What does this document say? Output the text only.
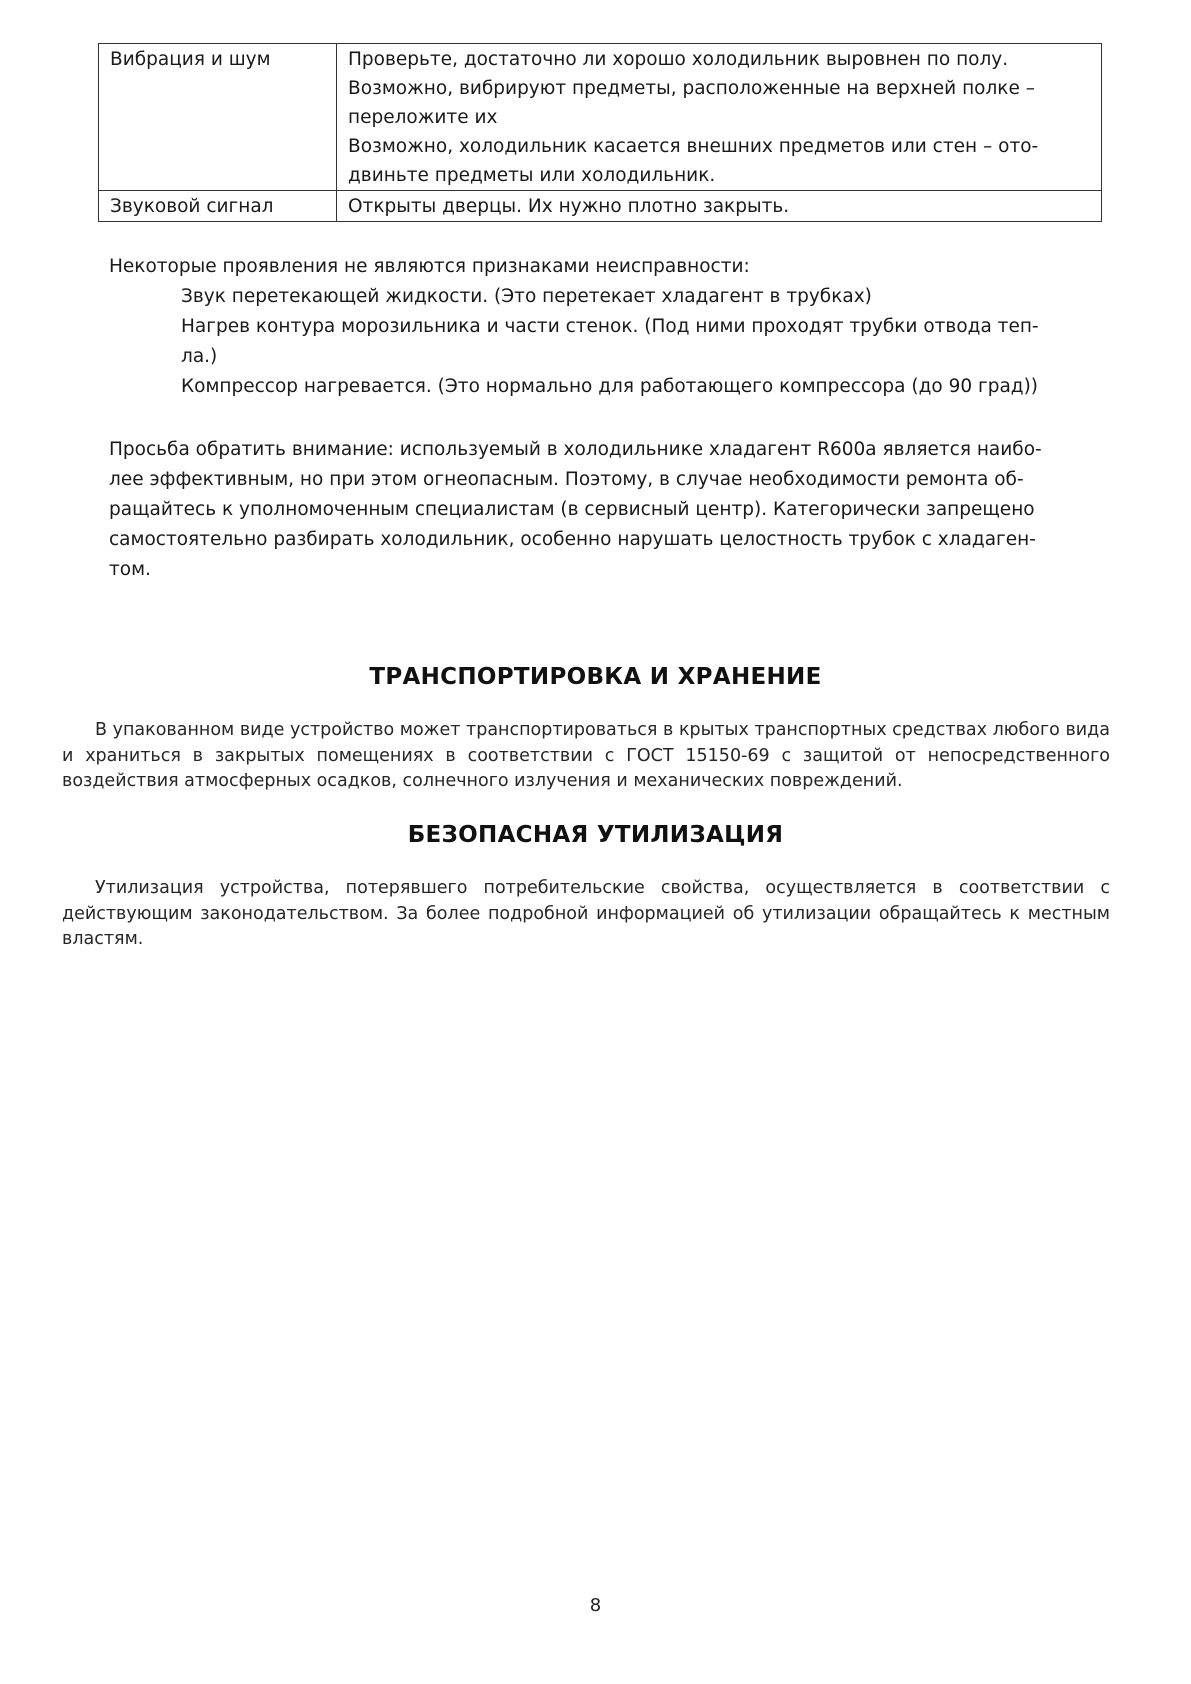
Вибрация и шум	Проверьте, достаточно ли хорошо холодильник выровнен по полу.
Возможно, вибрируют предметы, расположенные на верхней полке –
переложите их
Возможно, холодильник касается внешних предметов или стен – ото-
двиньте предметы или холодильник.

Звуковой сигнал	Открыты дверцы. Их нужно плотно закрыть.
Некоторые проявления не являются признаками неисправности:
Звук перетекающей жидкости. (Это перетекает хладагент в трубках)
Нагрев контура морозильника и части стенок. (Под ними проходят трубки отвода теп-
ла.)
Компрессор нагревается. (Это нормально для работающего компрессора (до 90 град))
Просьба обратить внимание: используемый в холодильнике хладагент R600a является наибо-
лее эффективным, но при этом огнеопасным. Поэтому, в случае необходимости ремонта об-
ращайтесь к уполномоченным специалистам (в сервисный центр). Категорически запрещено
самостоятельно разбирать холодильник, особенно нарушать целостность трубок с хладаген-
том.
ТРАНСПОРТИРОВКА И ХРАНЕНИЕ
В упакованном виде устройство может транспортироваться в крытых транспортных средствах любого вида и храниться в закрытых помещениях в соответствии с ГОСТ 15150-69 с защитой от непосредственного воздействия атмосферных осадков, солнечного излучения и механических повреждений.
БЕЗОПАСНАЯ УТИЛИЗАЦИЯ
Утилизация устройства, потерявшего потребительские свойства, осуществляется в соответствии с действующим законодательством. За более подробной информацией об утилизации обращайтесь к местным властям.
8
